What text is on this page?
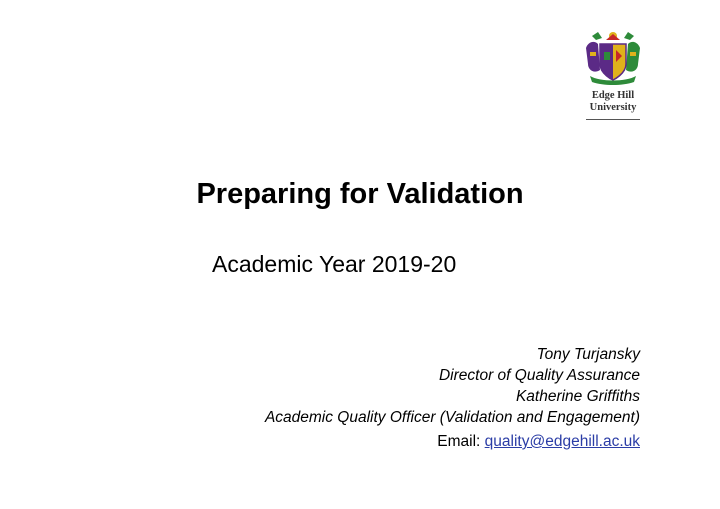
Edge Hill
University
Preparing for Validation
Academic Year 2019-20
Tony Turjansky
Director of Quality Assurance
Katherine Griffiths
Academic Quality Officer (Validation and Engagement)
Email: quality@edgehill.ac.uk
